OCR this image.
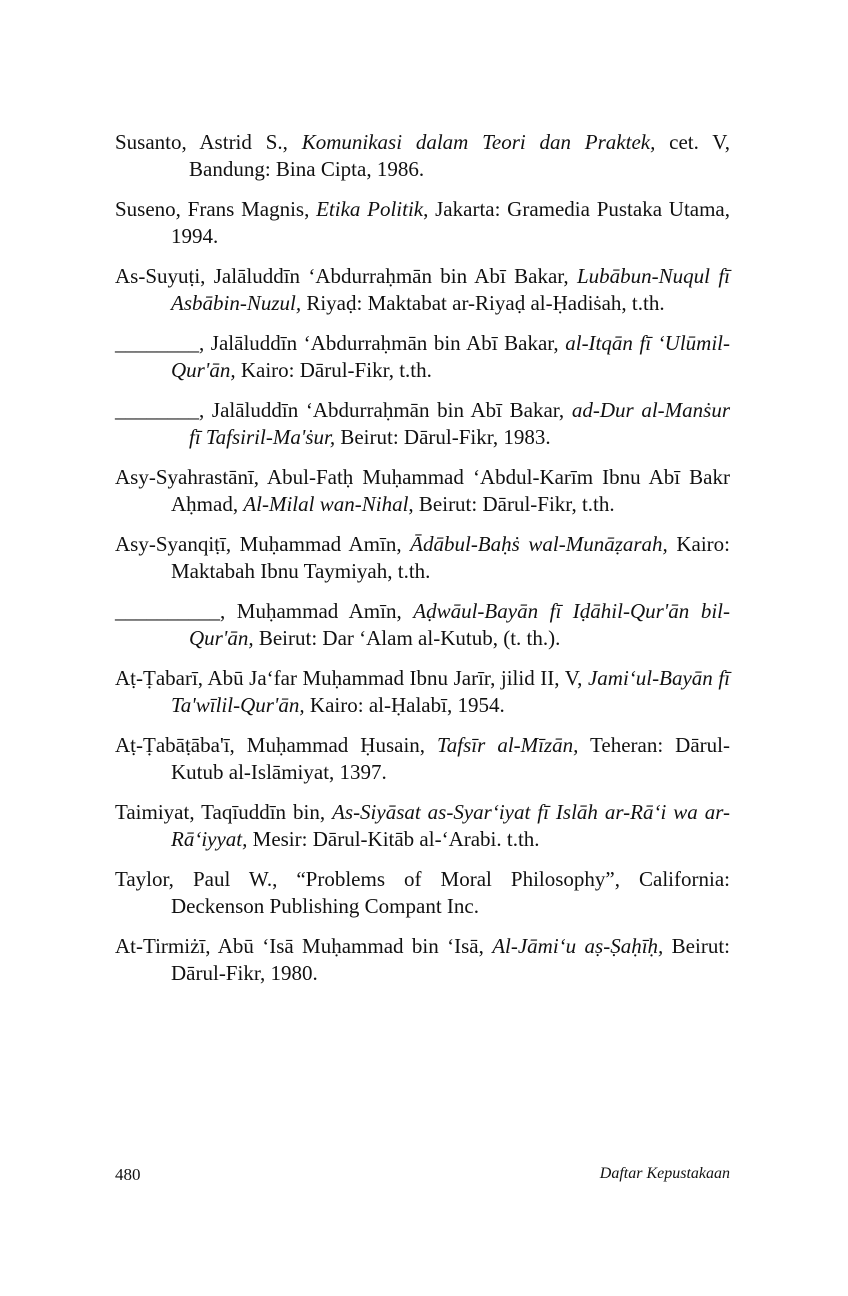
Susanto, Astrid S., Komunikasi dalam Teori dan Praktek, cet. V, Bandung: Bina Cipta, 1986.

Suseno, Frans Magnis, Etika Politik, Jakarta: Gramedia Pustaka Utama, 1994.

As-Suyuṭi, Jalāluddīn ‘Abdurraḥmān bin Abī Bakar, Lubābun-Nuqul fī Asbābin-Nuzul, Riyaḍ: Maktabat ar-Riyaḍ al-Ḥadiṡah, t.th.

________, Jalāluddīn ‘Abdurraḥmān bin Abī Bakar, al-Itqān fī ‘Ulūmil-Qur'ān, Kairo: Dārul-Fikr, t.th.

________, Jalāluddīn ‘Abdurraḥmān bin Abī Bakar, ad-Dur al-Manṡur fī Tafsiril-Ma'ṡur, Beirut: Dārul-Fikr, 1983.

Asy-Syahrastānī, Abul-Fatḥ Muḥammad ‘Abdul-Karīm Ibnu Abī Bakr Aḥmad, Al-Milal wan-Nihal, Beirut: Dārul-Fikr, t.th.

Asy-Syanqiṭī, Muḥammad Amīn, Ādābul-Baḥṡ wal-Munāẓarah, Kairo: Maktabah Ibnu Taymiyah, t.th.

__________, Muḥammad Amīn, Aḍwāul-Bayān fī Iḍāhil-Qur'ān bil-Qur'ān, Beirut: Dar ‘Alam al-Kutub, (t. th.).

Aṭ-Ṭabarī, Abū Ja‘far Muḥammad Ibnu Jarīr, jilid II, V, Jami‘ul-Bayān fī Ta'wīlil-Qur'ān, Kairo: al-Ḥalabī, 1954.

Aṭ-Ṭabāṭāba'ī, Muḥammad Ḥusain, Tafsīr al-Mīzān, Teheran: Dārul-Kutub al-Islāmiyat, 1397.

Taimiyat, Taqīuddīn bin, As-Siyāsat as-Syar‘iyat fī Islāh ar-Rā‘i wa ar-Rā‘iyyat, Mesir: Dārul-Kitāb al-‘Arabi. t.th.

Taylor, Paul W., “Problems of Moral Philosophy”, California: Deckenson Publishing Compant Inc.

At-Tirmiżī, Abū ‘Isā Muḥammad bin ‘Isā, Al-Jāmi‘u aṣ-Ṣaḥīḥ, Beirut: Dārul-Fikr, 1980.

480	Daftar Kepustakaan
